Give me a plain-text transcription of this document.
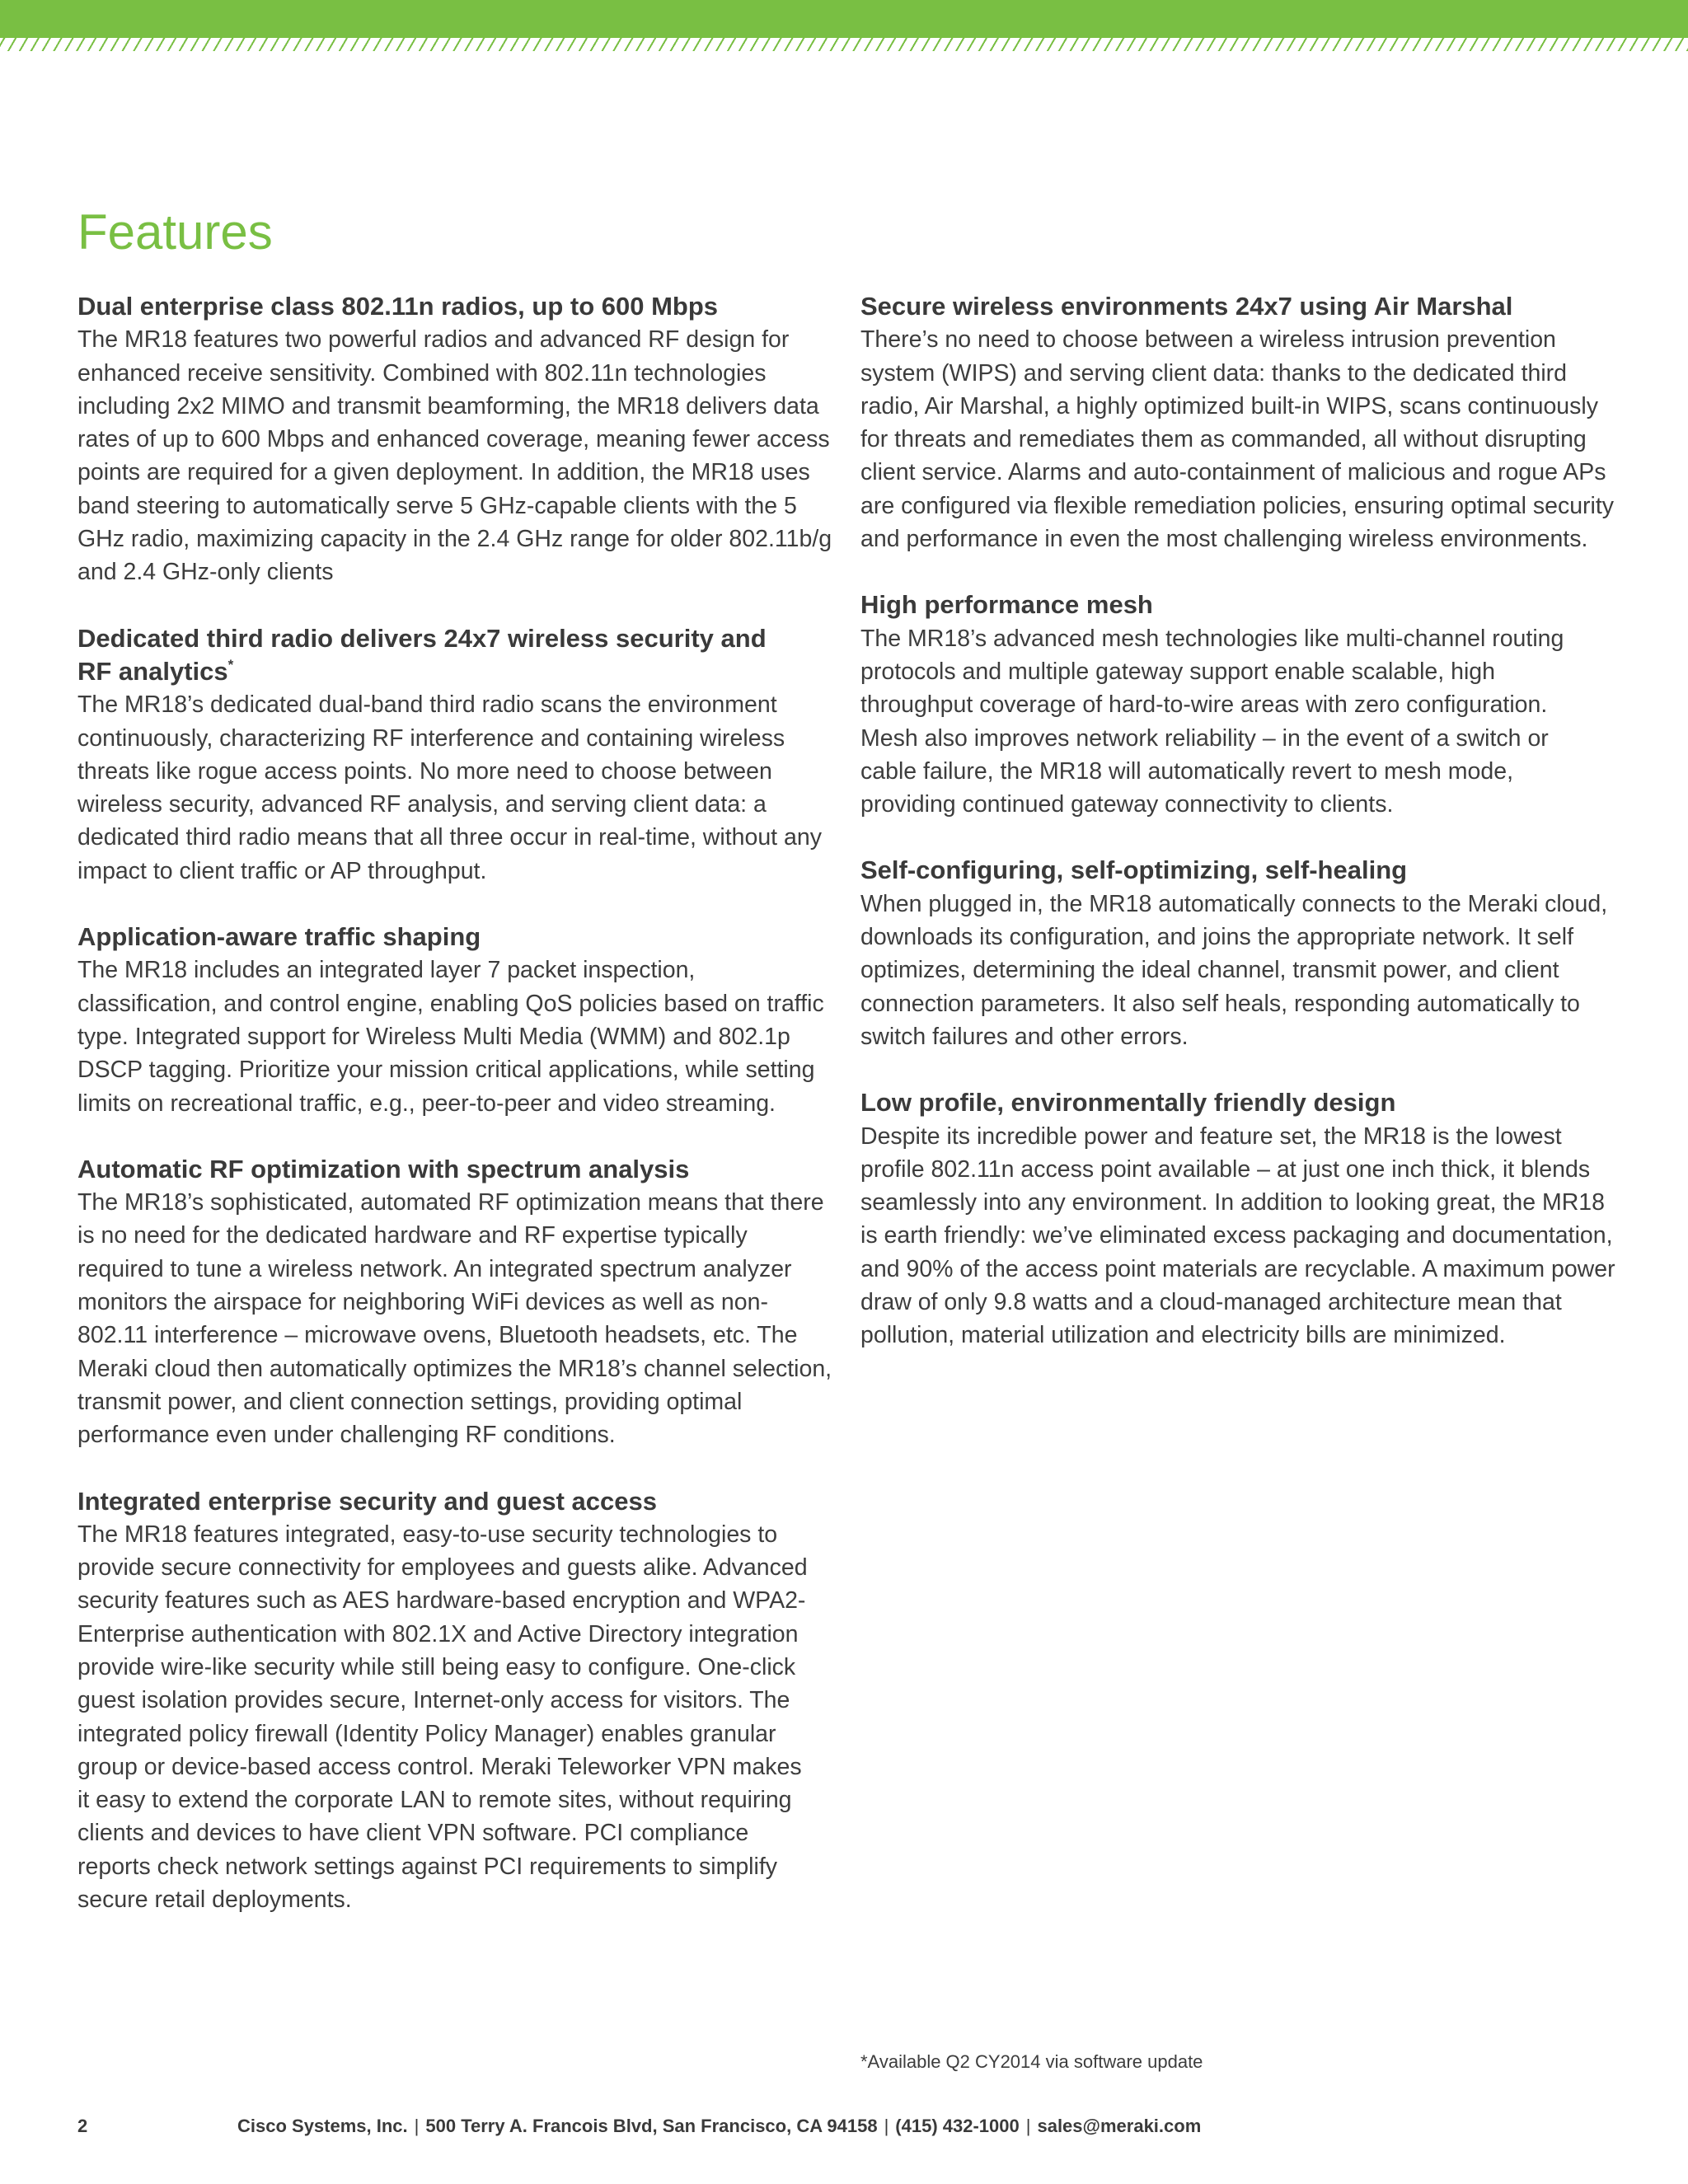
Features
Dual enterprise class 802.11n radios, up to 600 Mbps

The MR18 features two powerful radios and advanced RF design for enhanced receive sensitivity. Combined with 802.11n technologies including 2x2 MIMO and transmit beamforming, the MR18 delivers data rates of up to 600 Mbps and enhanced coverage, meaning fewer access points are required for a given deployment. In addition, the MR18 uses band steering to automatically serve 5 GHz-capable clients with the 5 GHz radio, maximizing capacity in the 2.4 GHz range for older 802.11b/g and 2.4 GHz-only clients

Dedicated third radio delivers 24x7 wireless security and RF analytics*

The MR18’s dedicated dual-band third radio scans the environment continuously, characterizing RF interference and containing wireless threats like rogue access points. No more need to choose between wireless security, advanced RF analysis, and serving client data: a dedicated third radio means that all three occur in real-time, without any impact to client traffic or AP throughput.

Application-aware traffic shaping

The MR18 includes an integrated layer 7 packet inspection, classification, and control engine, enabling QoS policies based on traffic type. Integrated support for Wireless Multi Media (WMM) and 802.1p DSCP tagging. Prioritize your mission critical applications, while setting limits on recreational traffic, e.g., peer-to-peer and video streaming.

Automatic RF optimization with spectrum analysis

The MR18’s sophisticated, automated RF optimization means that there is no need for the dedicated hardware and RF expertise typically required to tune a wireless network. An integrated spectrum analyzer monitors the airspace for neighboring WiFi devices as well as non-802.11 interference – microwave ovens, Bluetooth headsets, etc. The Meraki cloud then automatically optimizes the MR18’s channel selection, transmit power, and client connection settings, providing optimal performance even under challenging RF conditions.

Integrated enterprise security and guest access

The MR18 features integrated, easy-to-use security technologies to provide secure connectivity for employees and guests alike. Advanced security features such as AES hardware-based encryption and WPA2-Enterprise authentication with 802.1X and Active Directory integration provide wire-like security while still being easy to configure. One-click guest isolation provides secure, Internet-only access for visitors. The integrated policy firewall (Identity Policy Manager) enables granular group or device-based access control. Meraki Teleworker VPN makes it easy to extend the corporate LAN to remote sites, without requiring clients and devices to have client VPN software. PCI compliance reports check network settings against PCI requirements to simplify secure retail deployments.

Secure wireless environments 24x7 using Air Marshal

There’s no need to choose between a wireless intrusion prevention system (WIPS) and serving client data: thanks to the dedicated third radio, Air Marshal, a highly optimized built-in WIPS, scans continuously for threats and remediates them as commanded, all without disrupting client service. Alarms and auto-containment of malicious and rogue APs are configured via flexible remediation policies, ensuring optimal security and performance in even the most challenging wireless environments.

High performance mesh

The MR18’s advanced mesh technologies like multi-channel routing protocols and multiple gateway support enable scalable, high throughput coverage of hard-to-wire areas with zero configuration. Mesh also improves network reliability – in the event of a switch or cable failure, the MR18 will automatically revert to mesh mode, providing continued gateway connectivity to clients.

Self-configuring, self-optimizing, self-healing

When plugged in, the MR18 automatically connects to the Meraki cloud, downloads its configuration, and joins the appropriate network. It self optimizes, determining the ideal channel, transmit power, and client connection parameters. It also self heals, responding automatically to switch failures and other errors.

Low profile, environmentally friendly design

Despite its incredible power and feature set, the MR18 is the lowest profile 802.11n access point available – at just one inch thick, it blends seamlessly into any environment. In addition to looking great, the MR18 is earth friendly: we’ve eliminated excess packaging and documentation, and 90% of the access point materials are recyclable. A maximum power draw of only 9.8 watts and a cloud-managed architecture mean that pollution, material utilization and electricity bills are minimized.

*Available Q2 CY2014 via software update
2	Cisco Systems, Inc. | 500 Terry A. Francois Blvd, San Francisco, CA 94158 | (415) 432-1000 | sales@meraki.com
